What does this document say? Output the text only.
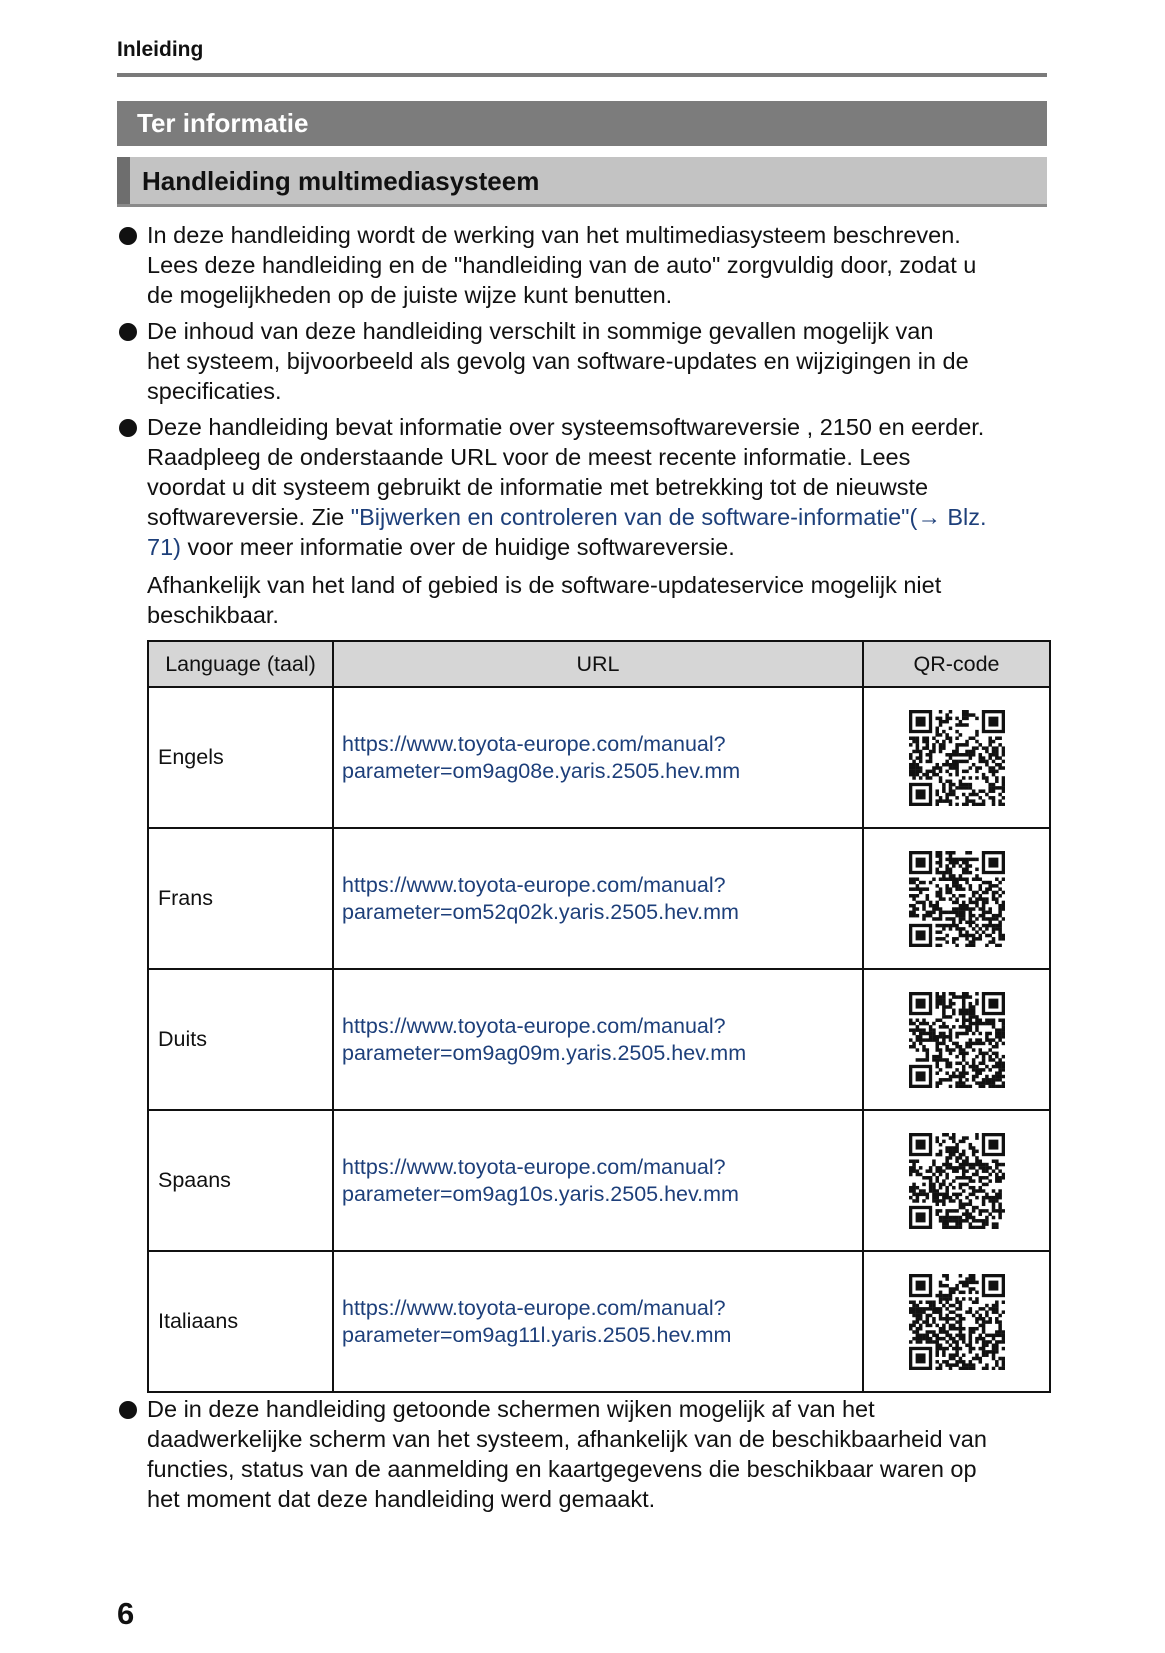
Inleiding
Ter informatie
Handleiding multimediasysteem
In deze handleiding wordt de werking van het multimediasysteem beschreven.
Lees deze handleiding en de "handleiding van de auto" zorgvuldig door, zodat u
de mogelijkheden op de juiste wijze kunt benutten.
De inhoud van deze handleiding verschilt in sommige gevallen mogelijk van
het systeem, bijvoorbeeld als gevolg van software-updates en wijzigingen in de
specificaties.
Deze handleiding bevat informatie over systeemsoftwareversie , 2150 en eerder.
Raadpleeg de onderstaande URL voor de meest recente informatie. Lees
voordat u dit systeem gebruikt de informatie met betrekking tot de nieuwste
softwareversie. Zie "Bijwerken en controleren van de software-informatie"(→ Blz.
71) voor meer informatie over de huidige softwareversie.
Afhankelijk van het land of gebied is de software-updateservice mogelijk niet
beschikbaar.
Language (taal)	URL	QR-code
Engels	https://www.toyota-europe.com/manual?
parameter=om9ag08e.yaris.2505.hev.mm

Frans	https://www.toyota-europe.com/manual?
parameter=om52q02k.yaris.2505.hev.mm

Duits	https://www.toyota-europe.com/manual?
parameter=om9ag09m.yaris.2505.hev.mm

Spaans	https://www.toyota-europe.com/manual?
parameter=om9ag10s.yaris.2505.hev.mm

Italiaans	https://www.toyota-europe.com/manual?
parameter=om9ag11l.yaris.2505.hev.mm

De in deze handleiding getoonde schermen wijken mogelijk af van het
daadwerkelijke scherm van het systeem, afhankelijk van de beschikbaarheid van
functies, status van de aanmelding en kaartgegevens die beschikbaar waren op
het moment dat deze handleiding werd gemaakt.
6
